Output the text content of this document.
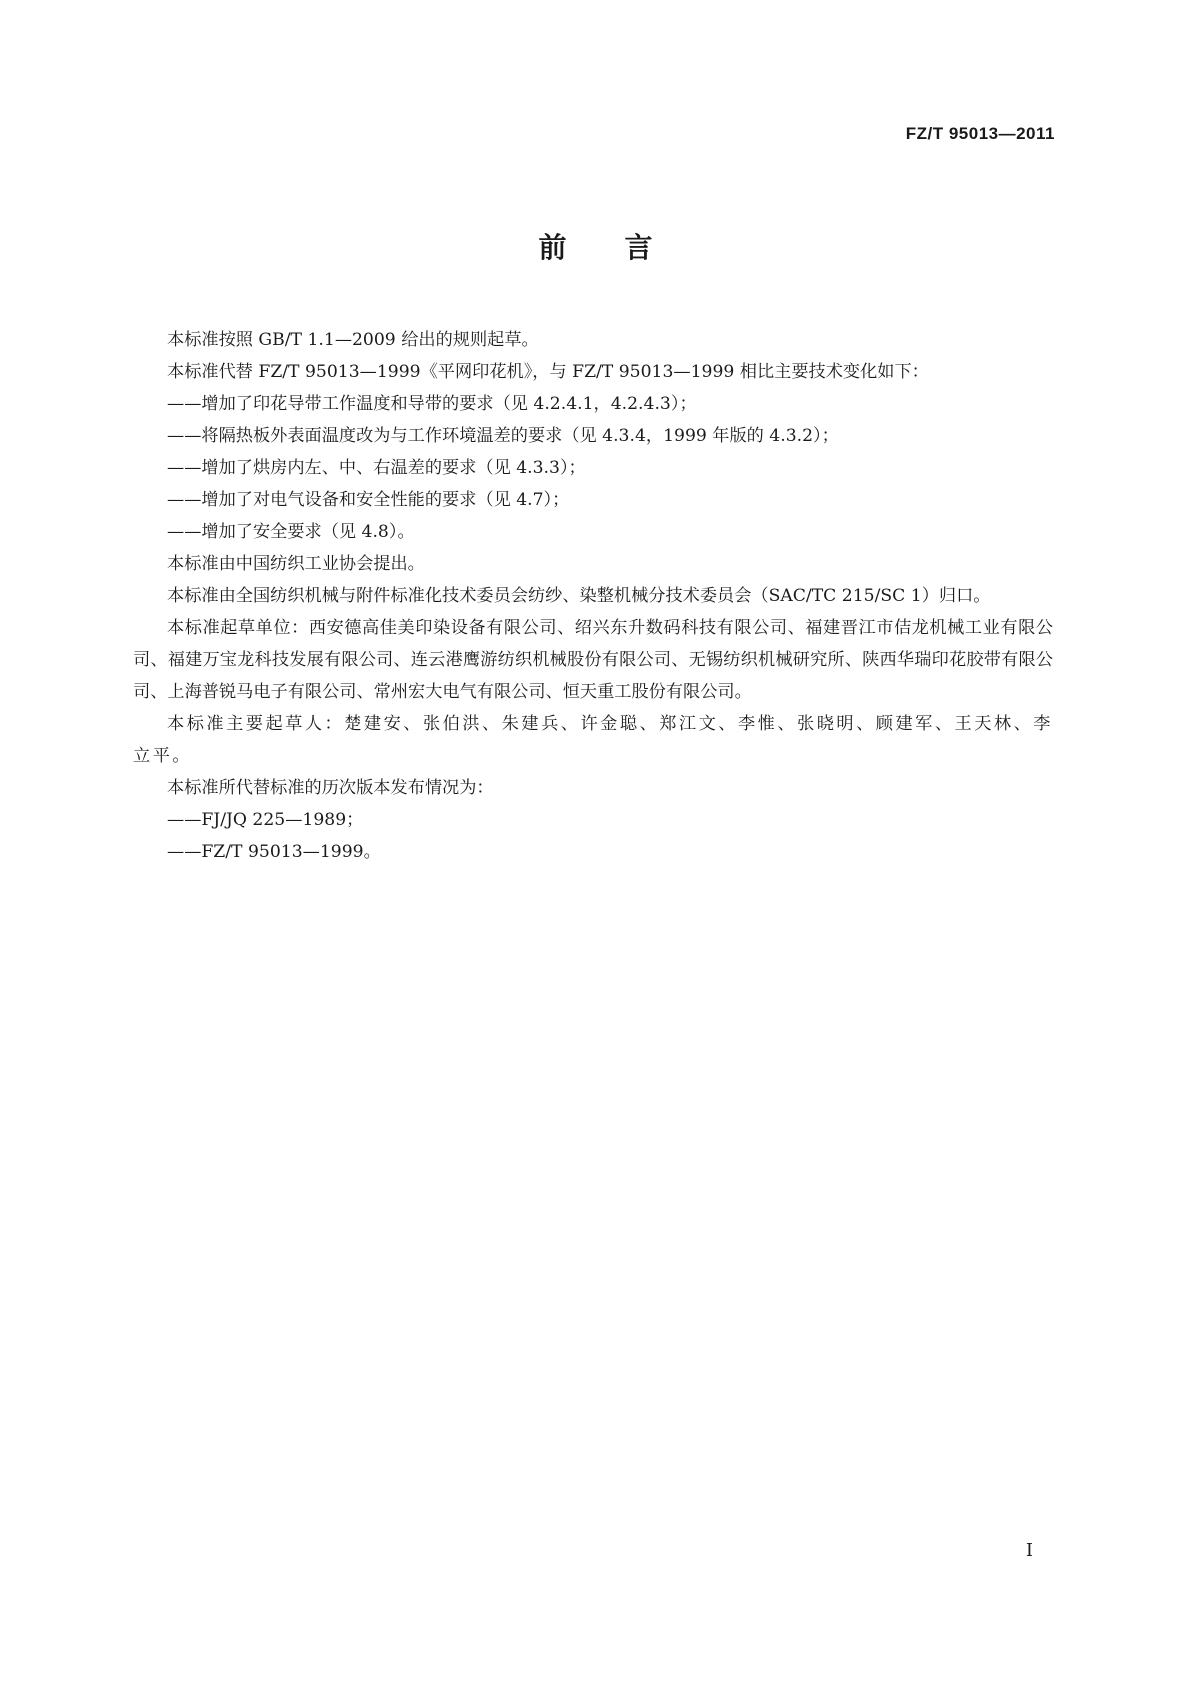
FZ/T 95013—2011
前言

本标准按照 GB/T 1.1—2009 给出的规则起草。

本标准代替 FZ/T 95013—1999《平网印花机》，与 FZ/T 95013—1999 相比主要技术变化如下：

——增加了印花导带工作温度和导带的要求（见 4.2.4.1，4.2.4.3）；

——将隔热板外表面温度改为与工作环境温差的要求（见 4.3.4，1999 年版的 4.3.2）；

——增加了烘房内左、中、右温差的要求（见 4.3.3）；

——增加了对电气设备和安全性能的要求（见 4.7）；

——增加了安全要求（见 4.8）。

本标准由中国纺织工业协会提出。

本标准由全国纺织机械与附件标准化技术委员会纺纱、染整机械分技术委员会（SAC/TC 215/SC 1）归口。

本标准起草单位：西安德高佳美印染设备有限公司、绍兴东升数码科技有限公司、福建晋江市佶龙机械工业有限公司、福建万宝龙科技发展有限公司、连云港鹰游纺织机械股份有限公司、无锡纺织机械研究所、陕西华瑞印花胶带有限公司、上海普锐马电子有限公司、常州宏大电气有限公司、恒天重工股份有限公司。

本标准主要起草人：楚建安、张伯洪、朱建兵、许金聪、郑江文、李惟、张晓明、顾建军、王天林、李立平。

本标准所代替标准的历次版本发布情况为：

——FJ/JQ 225—1989；

——FZ/T 95013—1999。

I
